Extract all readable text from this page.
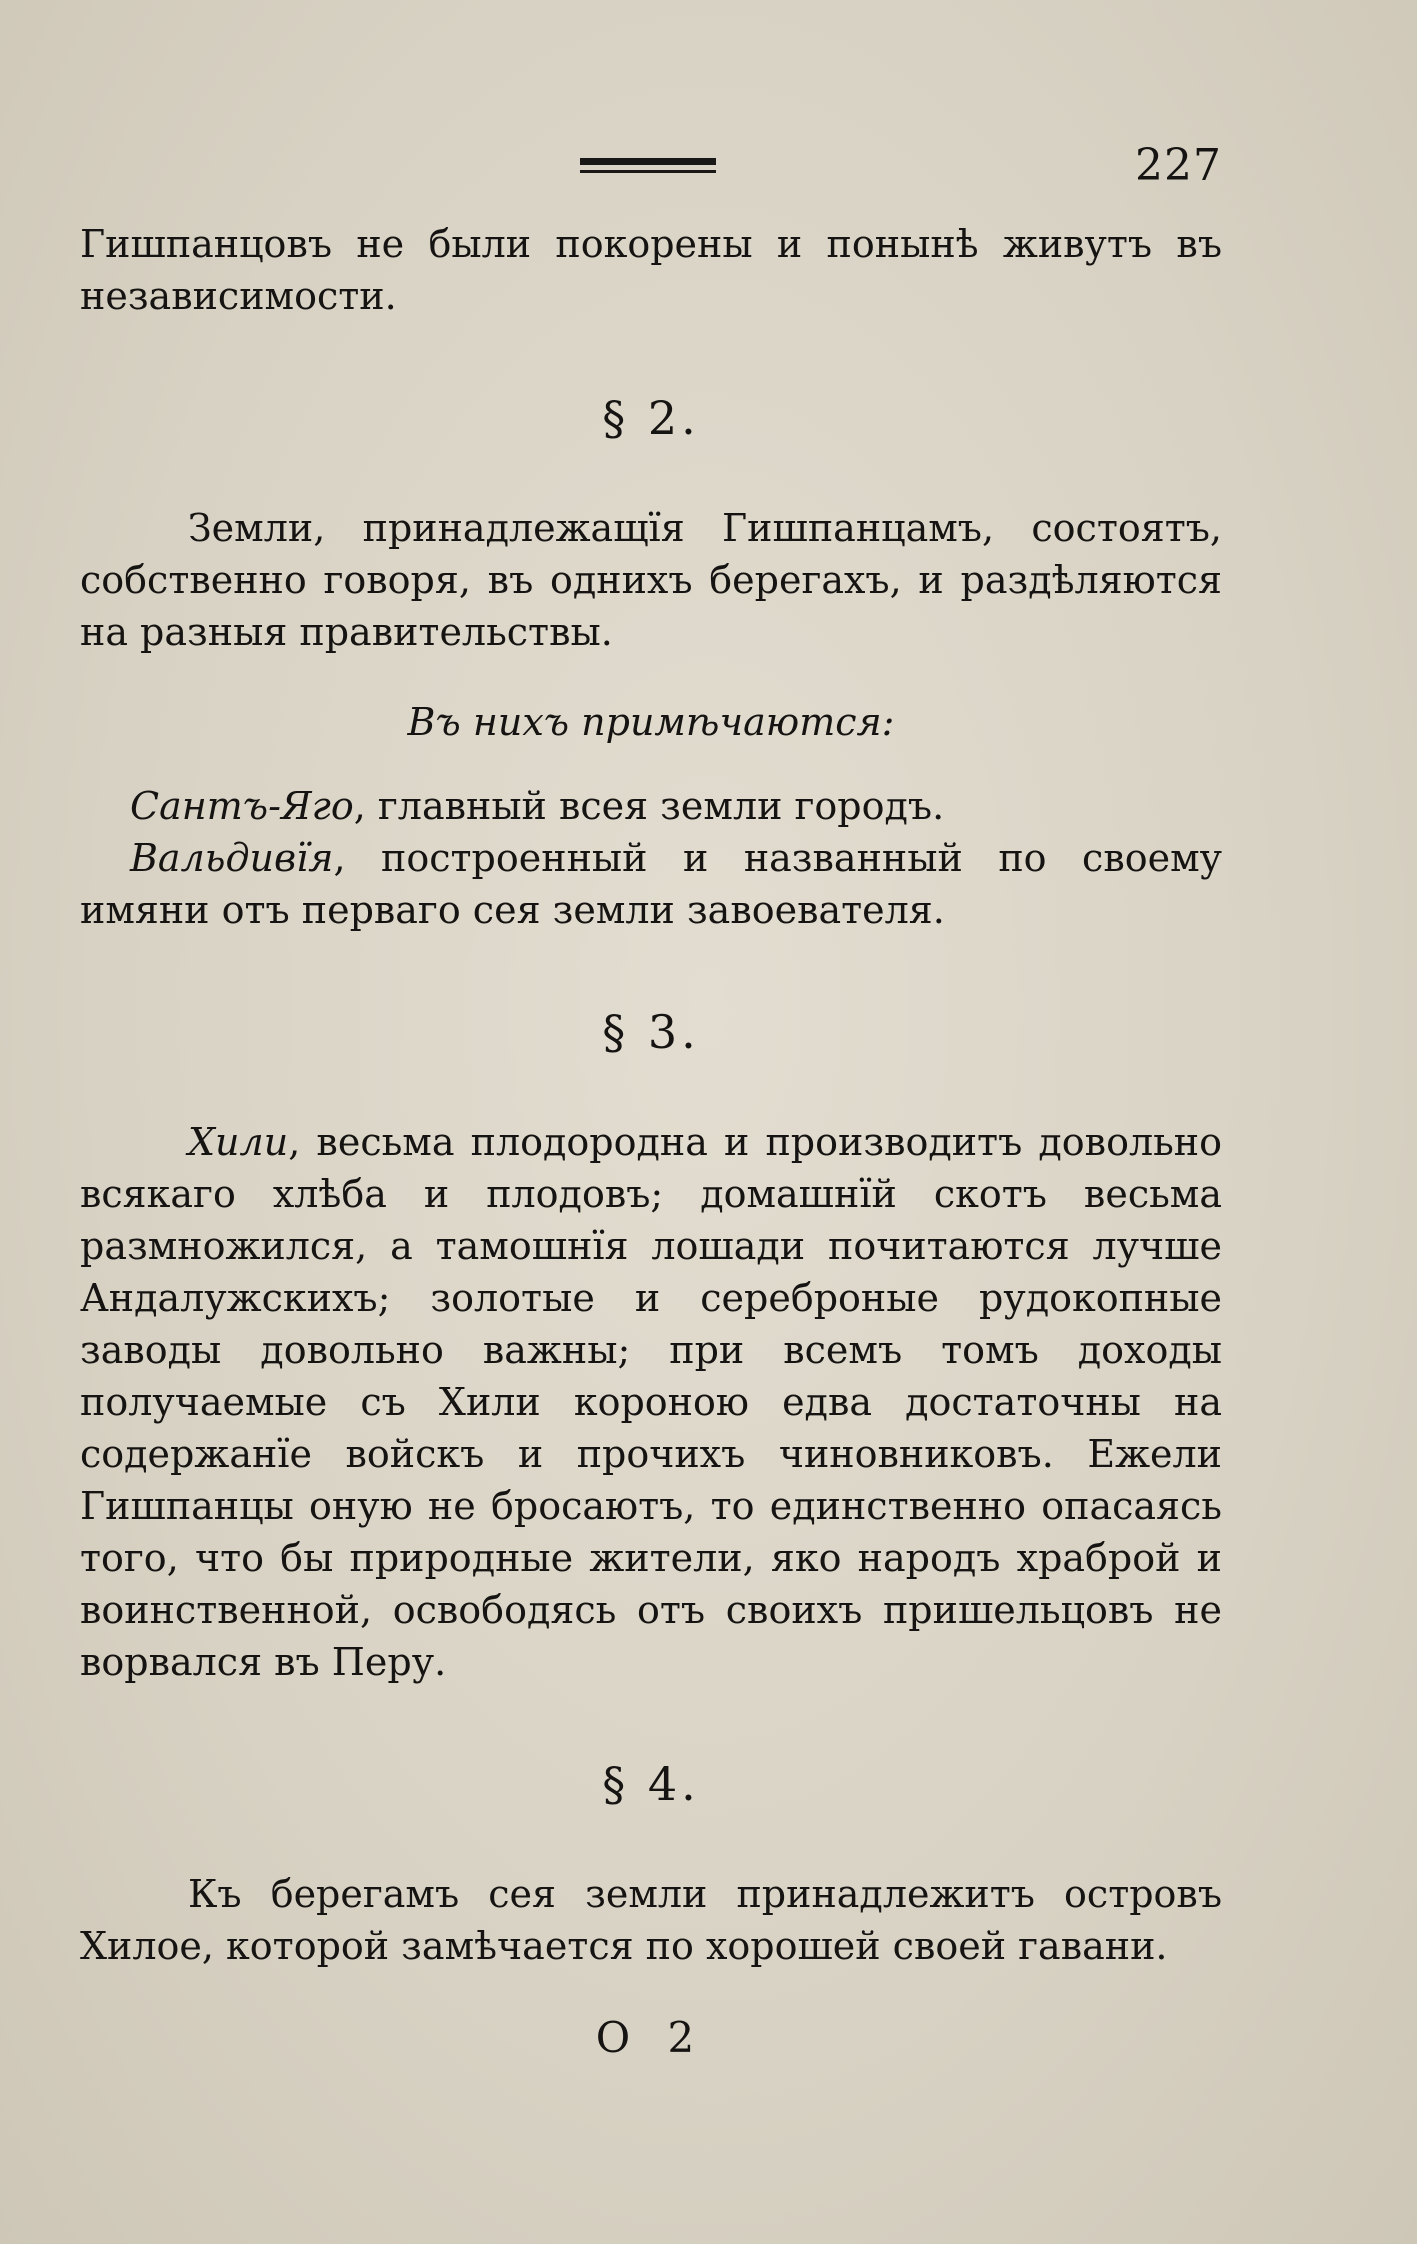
227

Гишпанцовъ не были покорены и понынѣ живутъ въ независимости.

§ 2.

Земли, принадлежащїя Гишпанцамъ, состоятъ, собственно говоря, въ однихъ берегахъ, и раздѣляются на разныя правительствы.

Въ нихъ примѣчаются:

Сантъ-Яго, главный всея земли городъ.

Вальдивїя, построенный и названный по своему имяни отъ перваго сея земли завоевателя.

§ 3.

Хили, весьма плодородна и производитъ довольно всякаго хлѣба и плодовъ; домашнїй скотъ весьма размножился, а тамошнїя лошади почитаются лучше Андалужскихъ; золотые и сереброные рудокопные заводы довольно важны; при всемъ томъ доходы получаемые съ Хили короною едва достаточны на содержанїе войскъ и прочихъ чиновниковъ. Ежели Гишпанцы оную не бросаютъ, то единственно опасаясь того, что бы природные жители, яко народъ храброй и воинственной, освободясь отъ своихъ пришельцовъ не ворвался въ Перу.

§ 4.

Къ берегамъ сея земли принадлежитъ островъ Хилое, которой замѣчается по хорошей своей гавани.

О 2
